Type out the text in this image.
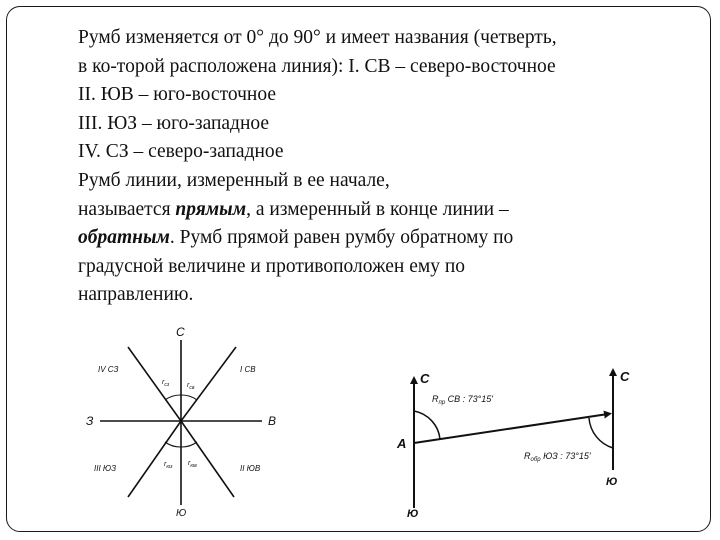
Румб изменяется от 0° до 90° и имеет названия (четверть,
в ко-торой расположена линия): I. СВ – северо-восточное
II. ЮВ – юго-восточное
III. ЮЗ – юго-западное
IV. СЗ – северо-западное
Румб линии, измеренный в ее начале,
называется прямым, а измеренный в конце линии –
обратным. Румб прямой равен румбу обратному по
градусной величине и противоположен ему по
направлению.
С
Ю
З	В
I СВ
II ЮВ
III ЮЗ
IV СЗ
$r_{сз}$	$r_{св}$
$r_{юз}$ $r_{юв}$
С
Ю
A
С
Ю
$R_{пр}$ СВ : 73°15'
$R_{обр}$ ЮЗ : 73°15'
